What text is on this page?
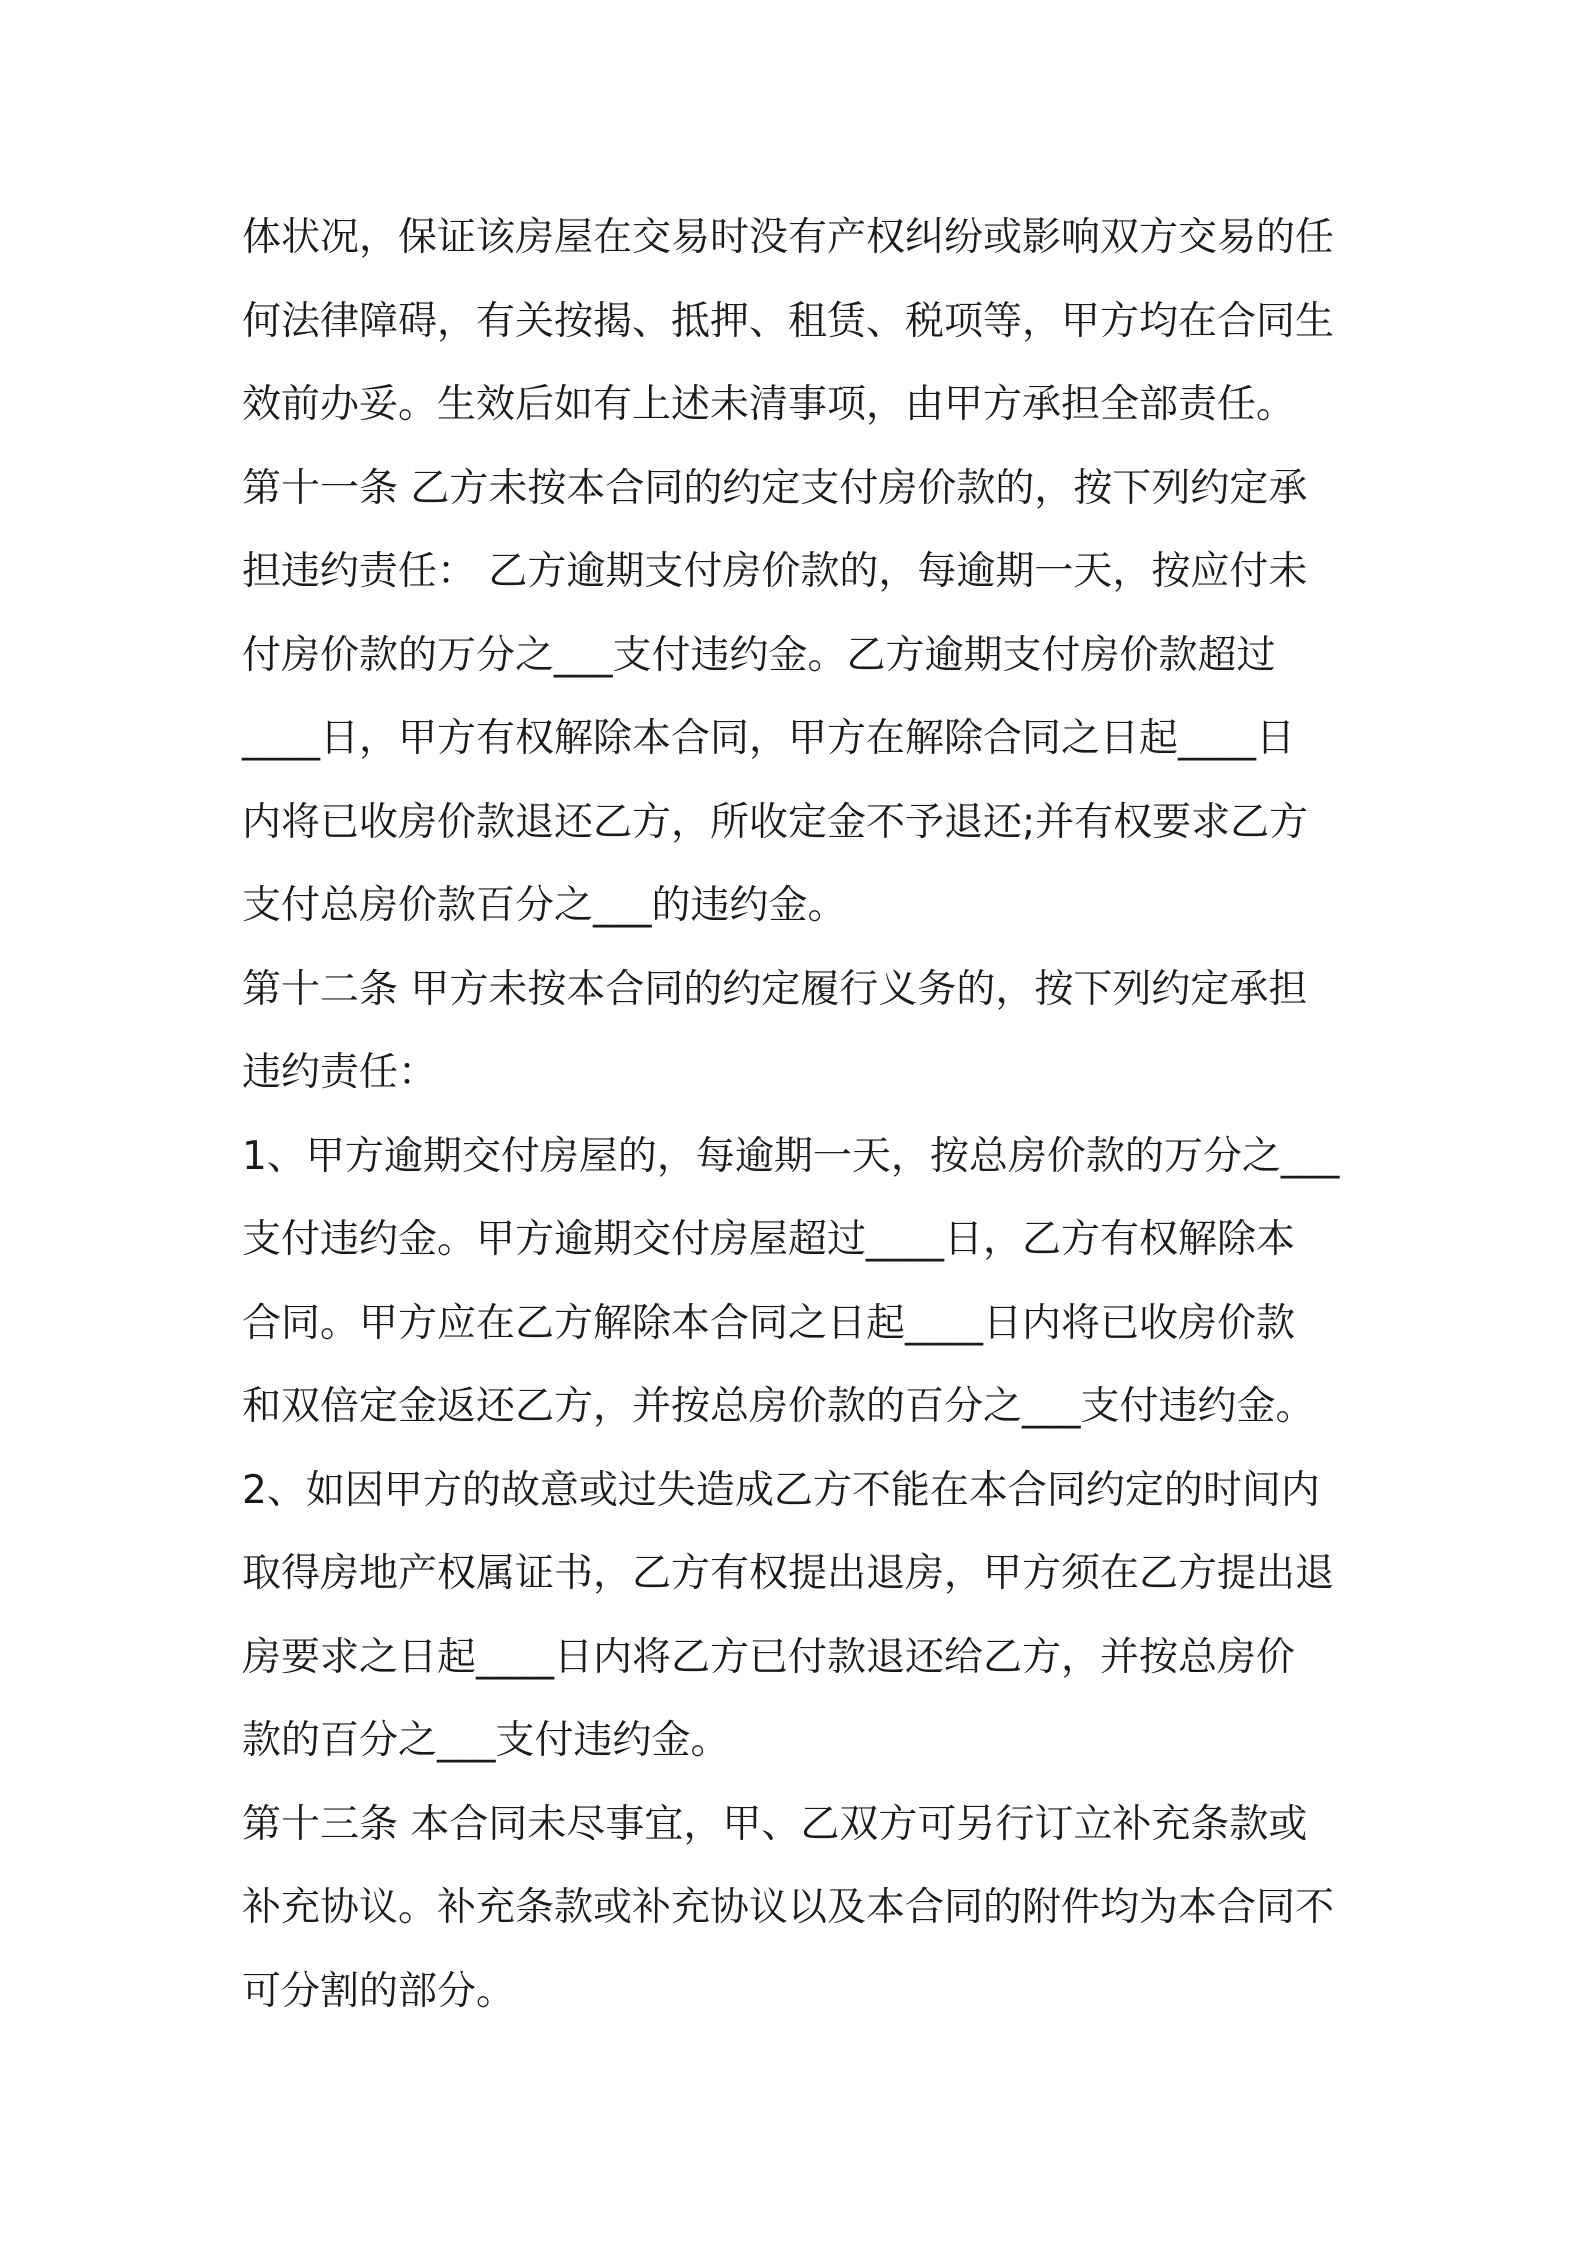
体状况，保证该房屋在交易时没有产权纠纷或影响双方交易的任
何法律障碍，有关按揭、抵押、租赁、税项等，甲方均在合同生
效前办妥。生效后如有上述未清事项，由甲方承担全部责任。
第十一条 乙方未按本合同的约定支付房价款的，按下列约定承
担违约责任： 乙方逾期支付房价款的，每逾期一天，按应付未
付房价款的万分之___支付违约金。乙方逾期支付房价款超过
____日，甲方有权解除本合同，甲方在解除合同之日起____日
内将已收房价款退还乙方，所收定金不予退还;并有权要求乙方
支付总房价款百分之___的违约金。
第十二条 甲方未按本合同的约定履行义务的，按下列约定承担
违约责任：
1、甲方逾期交付房屋的，每逾期一天，按总房价款的万分之___
支付违约金。甲方逾期交付房屋超过____日，乙方有权解除本
合同。甲方应在乙方解除本合同之日起____日内将已收房价款
和双倍定金返还乙方，并按总房价款的百分之___支付违约金。
2、如因甲方的故意或过失造成乙方不能在本合同约定的时间内
取得房地产权属证书，乙方有权提出退房，甲方须在乙方提出退
房要求之日起____日内将乙方已付款退还给乙方，并按总房价
款的百分之___支付违约金。
第十三条 本合同未尽事宜，甲、乙双方可另行订立补充条款或
补充协议。补充条款或补充协议以及本合同的附件均为本合同不
可分割的部分。
